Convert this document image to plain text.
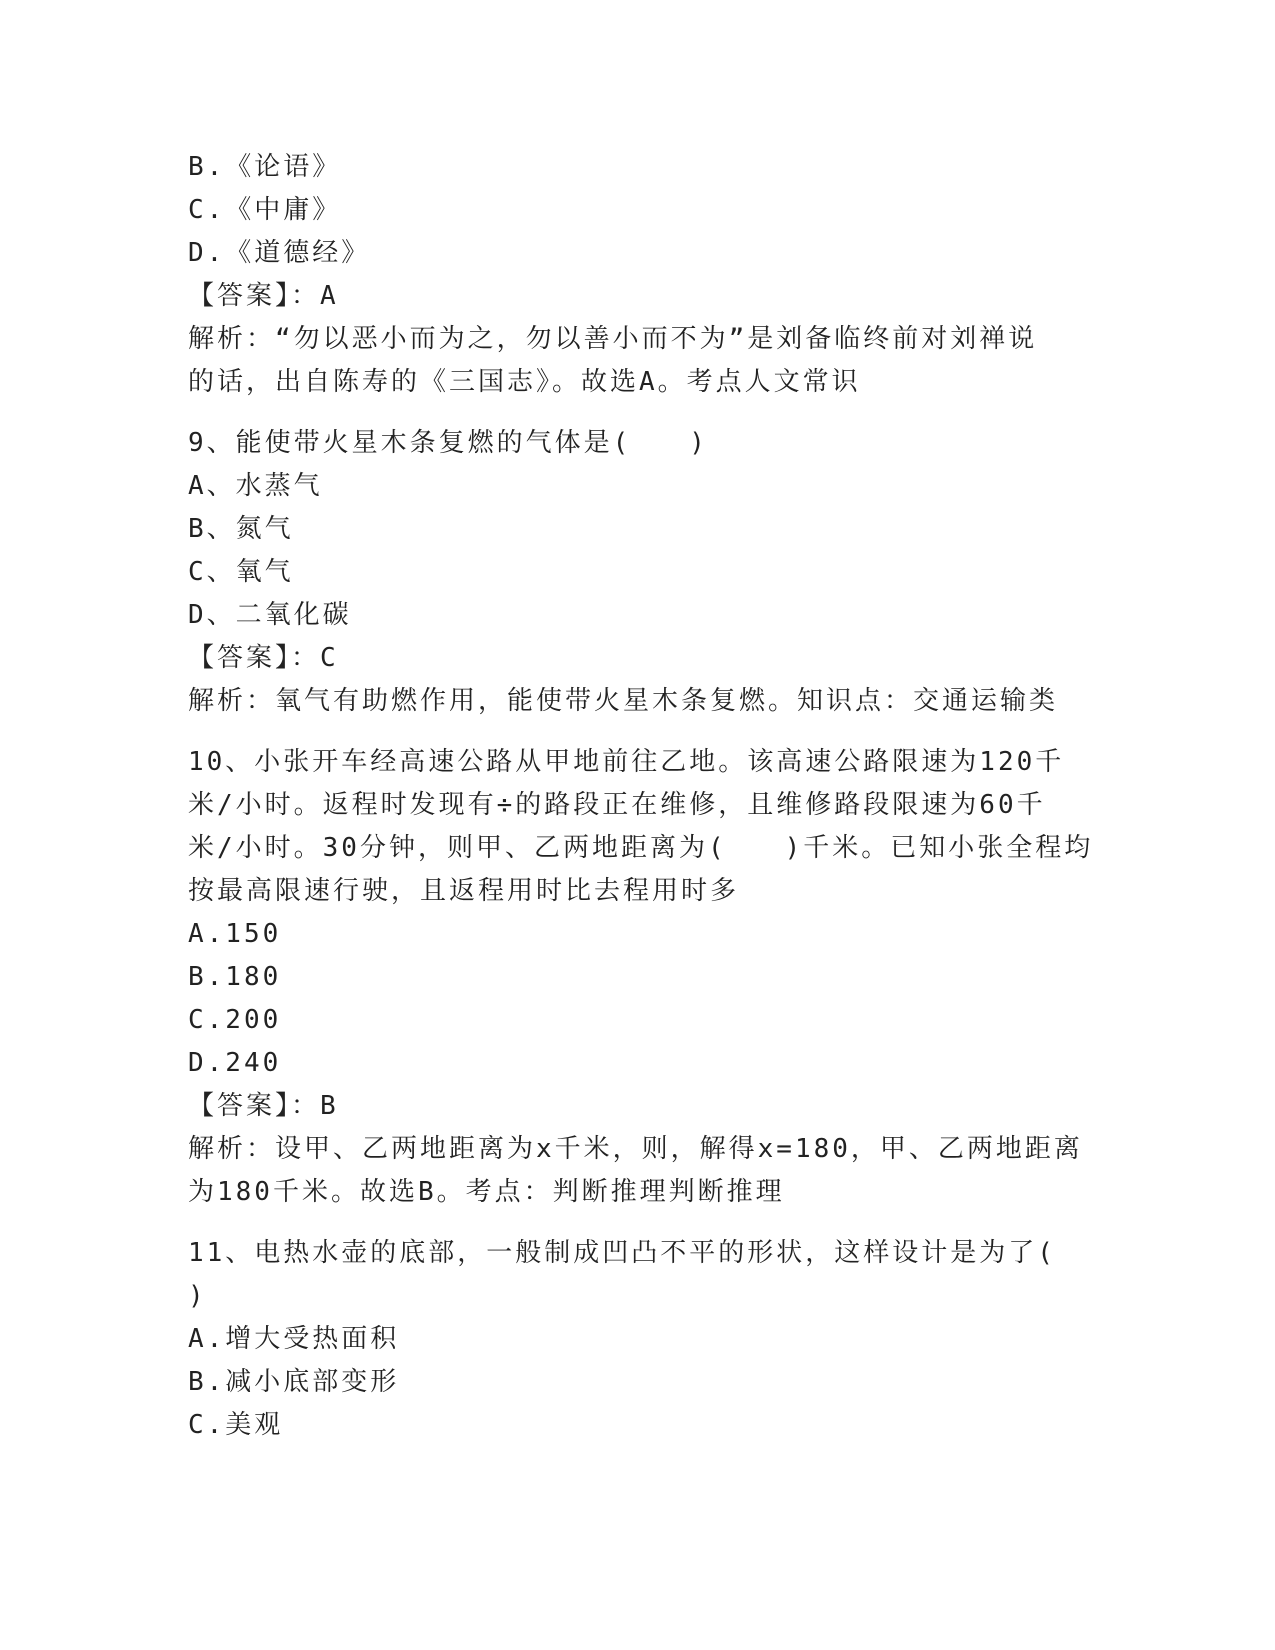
B.《论语》
C.《中庸》
D.《道德经》
【答案】：A
解析：“勿以恶小而为之，勿以善小而不为”是刘备临终前对刘禅说
的话，出自陈寿的《三国志》。故选A。考点人文常识
9、能使带火星木条复燃的气体是(　　)
A、水蒸气
B、氮气
C、氧气
D、二氧化碳
【答案】：C
解析：氧气有助燃作用，能使带火星木条复燃。知识点：交通运输类
10、小张开车经高速公路从甲地前往乙地。该高速公路限速为120千
米/小时。返程时发现有÷的路段正在维修，且维修路段限速为60千
米/小时。30分钟，则甲、乙两地距离为(　　)千米。已知小张全程均
按最高限速行驶，且返程用时比去程用时多
A.150
B.180
C.200
D.240
【答案】：B
解析：设甲、乙两地距离为x千米，则，解得x=180，甲、乙两地距离
为180千米。故选B。考点：判断推理判断推理
11、电热水壶的底部，一般制成凹凸不平的形状，这样设计是为了(
)
A.增大受热面积
B.减小底部变形
C.美观
